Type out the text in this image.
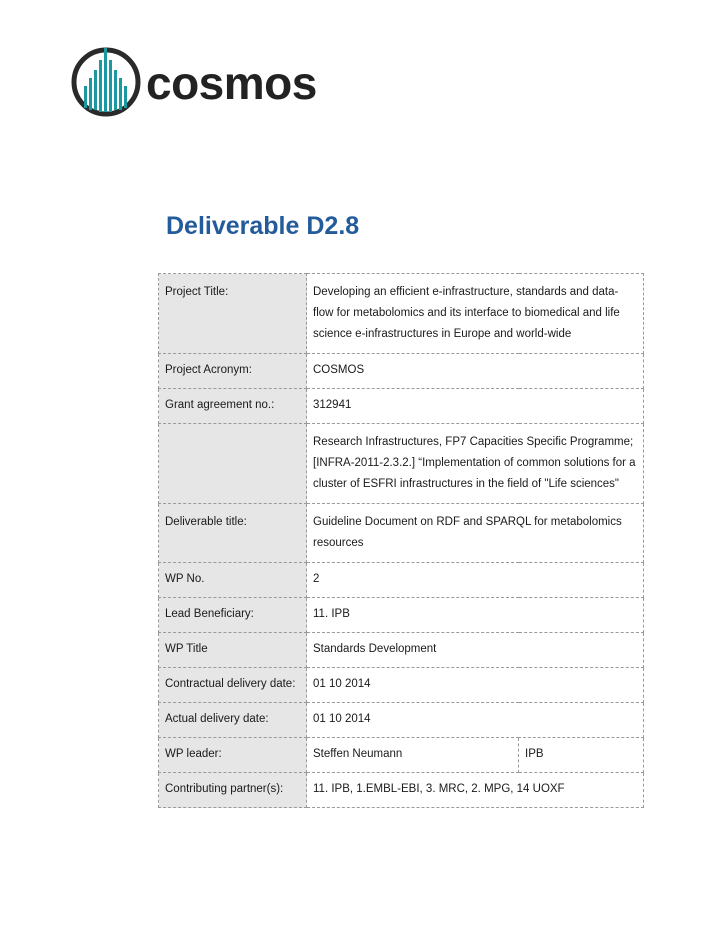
cosmos
Deliverable D2.8
Project Title:	Developing an efficient e-infrastructure, standards and data-flow for metabolomics and its interface to biomedical and life science e-infrastructures in Europe and world-wide	
Project Acronym:	COSMOS	
Grant agreement no.:	312941	
	Research Infrastructures, FP7 Capacities Specific Programme; [INFRA-2011-2.3.2.] “Implementation of common solutions for a cluster of ESFRI infrastructures in the field of "Life sciences"	
Deliverable title:	Guideline Document on RDF and SPARQL for metabolomics resources	
WP No.	2	
Lead Beneficiary:	11. IPB	
WP Title	Standards Development	
Contractual delivery date:	01 10 2014	
Actual delivery date:	01 10 2014	
WP leader:	Steffen Neumann	IPB
Contributing partner(s):	11. IPB, 1.EMBL-EBI, 3. MRC, 2. MPG, 14 UOXF	
